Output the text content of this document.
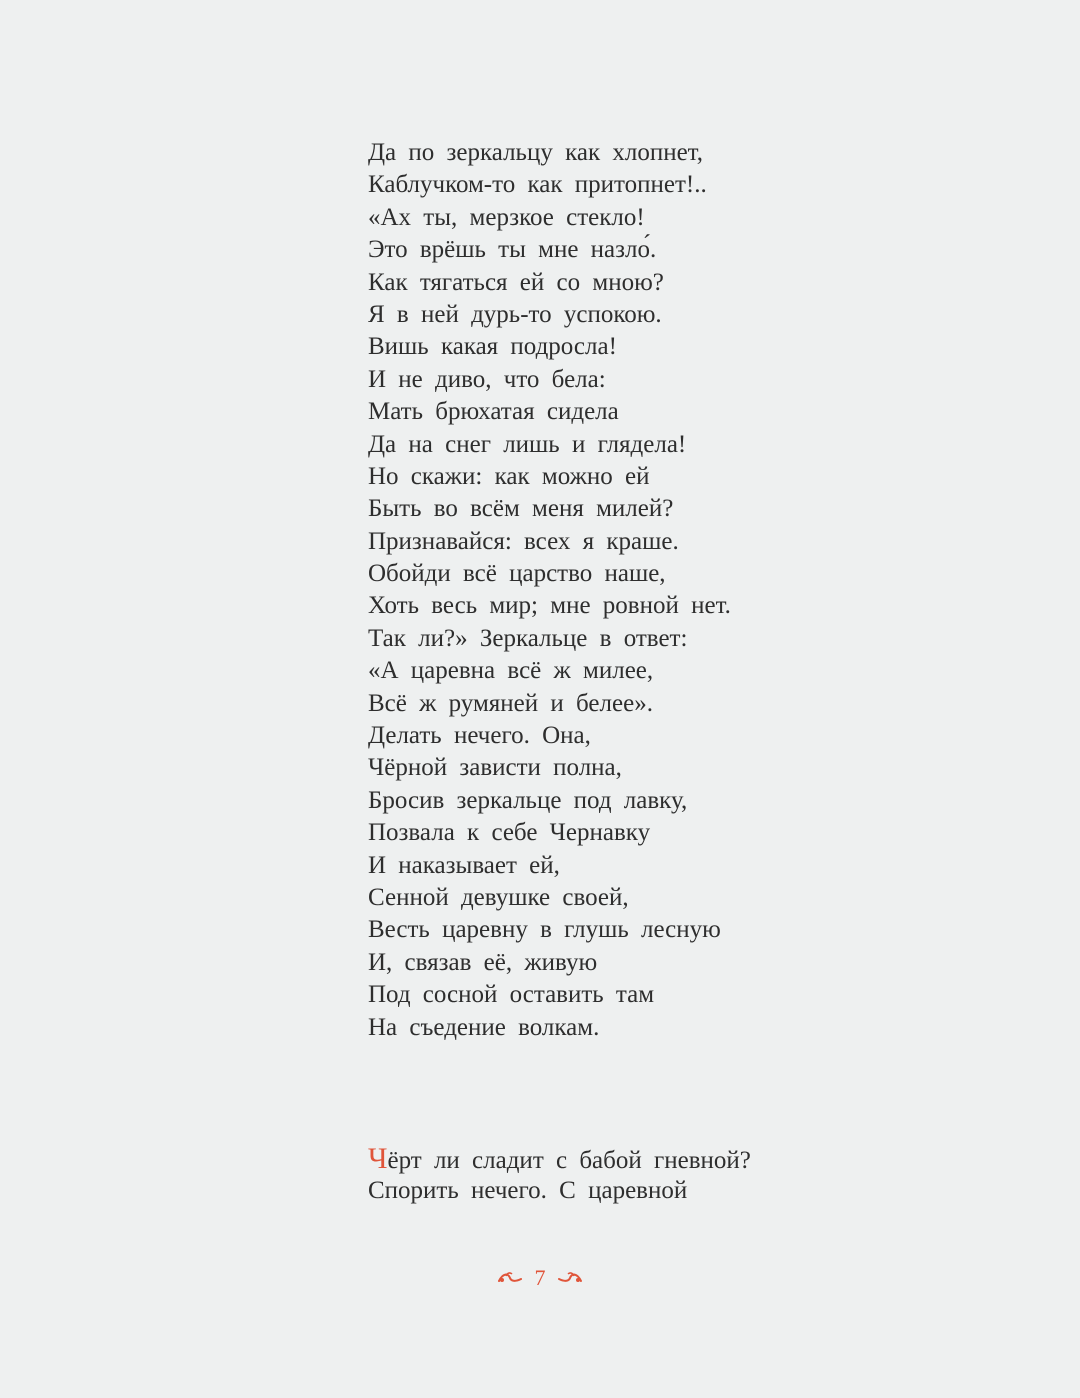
Да по зеркальцу как хлопнет,
Каблучком-то как притопнет!..
«Ах ты, мерзкое стекло!
Это врёшь ты мне назло́.
Как тягаться ей со мною?
Я в ней дурь-то успокою.
Вишь какая подросла!
И не диво, что бела:
Мать брюхатая сидела
Да на снег лишь и глядела!
Но скажи: как можно ей
Быть во всём меня милей?
Признавайся: всех я краше.
Обойди всё царство наше,
Хоть весь мир; мне ровной нет.
Так ли?» Зеркальце в ответ:
«А царевна всё ж милее,
Всё ж румяней и белее».
Делать нечего. Она,
Чёрной зависти полна,
Бросив зеркальце под лавку,
Позвала к себе Чернавку
И наказывает ей,
Сенной девушке своей,
Весть царевну в глушь лесную
И, связав её, живую
Под сосной оставить там
На съедение волкам.
Чёрт ли сладит с бабой гневной?
Спорить нечего. С царевной
7
